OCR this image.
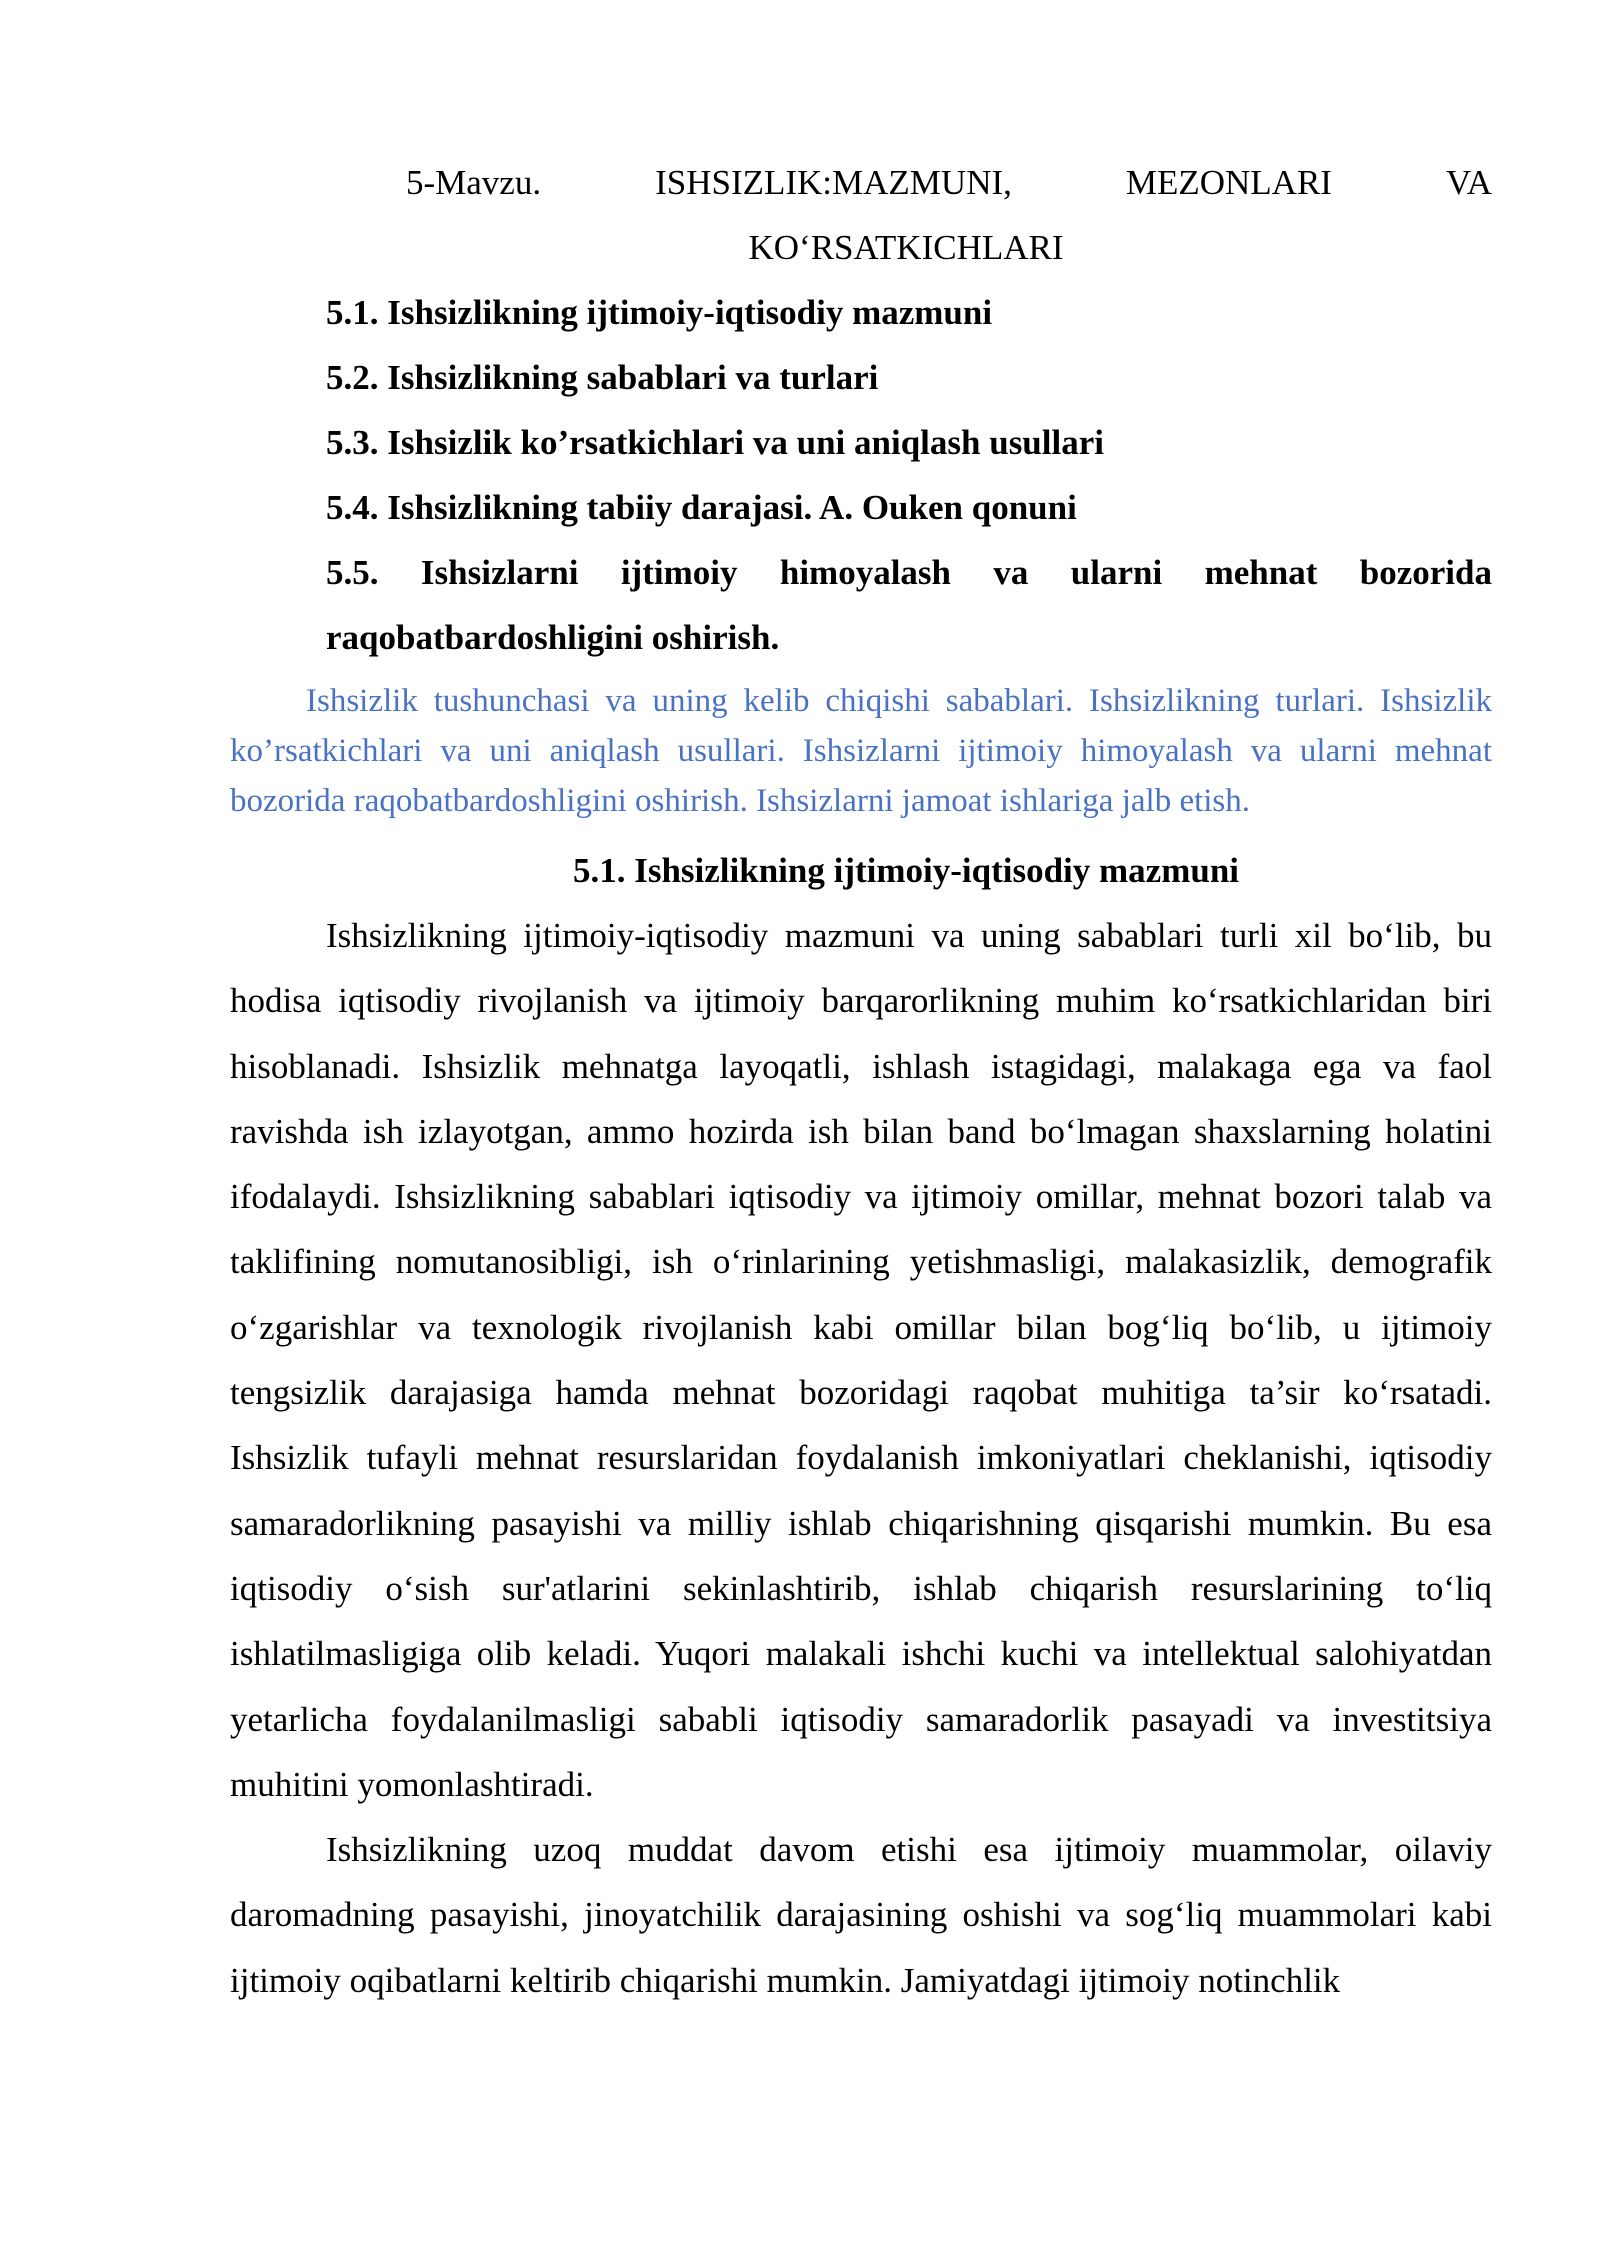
5-Mavzu.	ISHSIZLIK:MAZMUNI,	MEZONLARI	VA
KO‘RSATKICHLARI
5.1. Ishsizlikning ijtimoiy-iqtisodiy mazmuni
5.2. Ishsizlikning sabablari va turlari
5.3. Ishsizlik ko’rsatkichlari va uni aniqlash usullari
5.4. Ishsizlikning tabiiy darajasi. A. Ouken qonuni
5.5. Ishsizlarni ijtimoiy himoyalash va ularni mehnat bozorida
raqobatbardoshligini oshirish.

Ishsizlik tushunchasi va uning kelib chiqishi sabablari. Ishsizlikning turlari. Ishsizlik ko’rsatkichlari va uni aniqlash usullari. Ishsizlarni ijtimoiy himoyalash va ularni mehnat bozorida raqobatbardoshligini oshirish. Ishsizlarni jamoat ishlariga jalb etish.

5.1. Ishsizlikning ijtimoiy-iqtisodiy mazmuni

Ishsizlikning ijtimoiy-iqtisodiy mazmuni va uning sabablari turli xil bo‘lib, bu hodisa iqtisodiy rivojlanish va ijtimoiy barqarorlikning muhim ko‘rsatkichlaridan biri hisoblanadi. Ishsizlik mehnatga layoqatli, ishlash istagidagi, malakaga ega va faol ravishda ish izlayotgan, ammo hozirda ish bilan band bo‘lmagan shaxslarning holatini ifodalaydi. Ishsizlikning sabablari iqtisodiy va ijtimoiy omillar, mehnat bozori talab va taklifining nomutanosibligi, ish o‘rinlarining yetishmasligi, malakasizlik, demografik o‘zgarishlar va texnologik rivojlanish kabi omillar bilan bog‘liq bo‘lib, u ijtimoiy tengsizlik darajasiga hamda mehnat bozoridagi raqobat muhitiga ta’sir ko‘rsatadi. Ishsizlik tufayli mehnat resurslaridan foydalanish imkoniyatlari cheklanishi, iqtisodiy samaradorlikning pasayishi va milliy ishlab chiqarishning qisqarishi mumkin. Bu esa iqtisodiy o‘sish sur'atlarini sekinlashtirib, ishlab chiqarish resurslarining to‘liq ishlatilmasligiga olib keladi. Yuqori malakali ishchi kuchi va intellektual salohiyatdan yetarlicha foydalanilmasligi sababli iqtisodiy samaradorlik pasayadi va investitsiya muhitini yomonlashtiradi.

Ishsizlikning uzoq muddat davom etishi esa ijtimoiy muammolar, oilaviy daromadning pasayishi, jinoyatchilik darajasining oshishi va sog‘liq muammolari kabi ijtimoiy oqibatlarni keltirib chiqarishi mumkin. Jamiyatdagi ijtimoiy notinchlik
